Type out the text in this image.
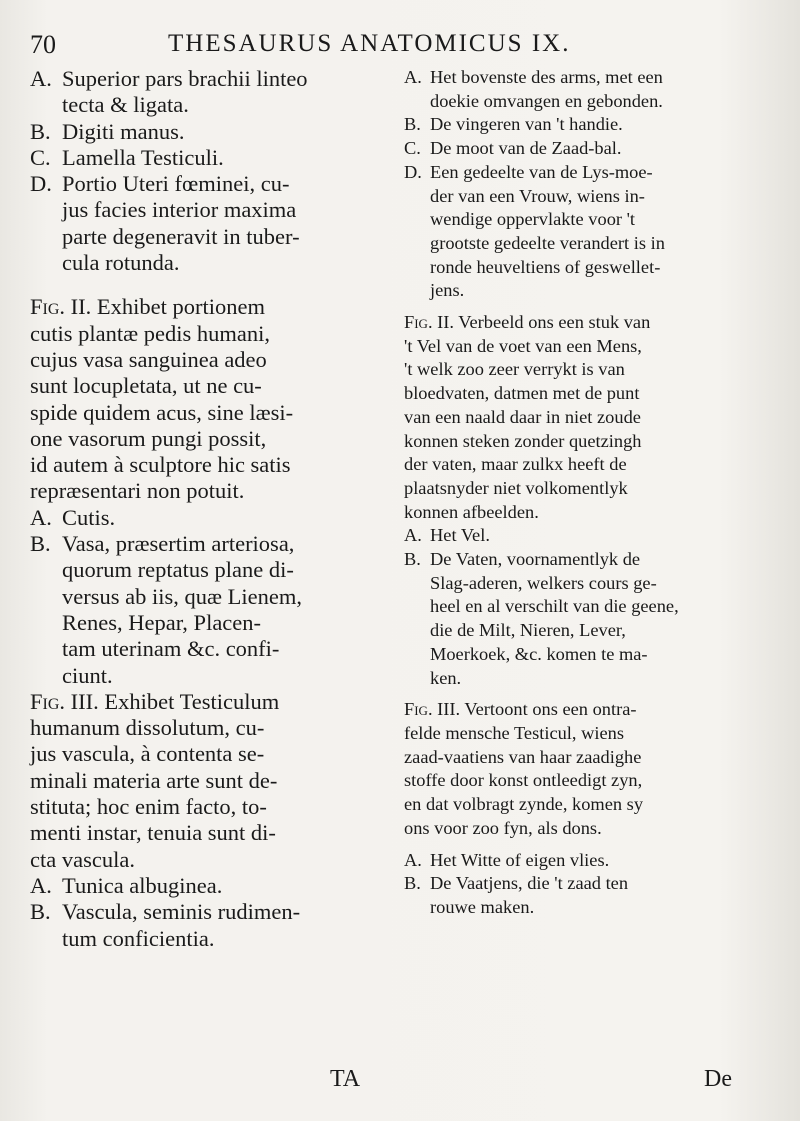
70	THESAURUS ANATOMICUS IX.
A. Superior pars brachii linteo
tecta & ligata.
B. Digiti manus.
C. Lamella Testiculi.
D. Portio Uteri fœminei, cu-
jus facies interior maxima
parte degeneravit in tuber-
cula rotunda.
Fig. II. Exhibet portionem
cutis plantæ pedis humani,
cujus vasa sanguinea adeo
sunt locupletata, ut ne cu-
spide quidem acus, sine læsi-
one vasorum pungi possit,
id autem à sculptore hic satis
repræsentari non potuit.
A. Cutis.
B. Vasa, præsertim arteriosa,
quorum reptatus plane di-
versus ab iis, quæ Lienem,
Renes, Hepar, Placen-
tam uterinam &c. confi-
ciunt.
Fig. III. Exhibet Testiculum
humanum dissolutum, cu-
jus vascula, à contenta se-
minali materia arte sunt de-
stituta; hoc enim facto, to-
menti instar, tenuia sunt di-
cta vascula.
A. Tunica albuginea.
B. Vascula, seminis rudimen-
tum conficientia.
A. Het bovenste des arms, met een
doekie omvangen en gebonden.
B. De vingeren van 't handie.
C. De moot van de Zaad-bal.
D. Een gedeelte van de Lys-moe-
der van een Vrouw, wiens in-
wendige oppervlakte voor 't
grootste gedeelte verandert is in
ronde heuveltiens of geswellet-
jens.
Fig. II. Verbeeld ons een stuk van
't Vel van de voet van een Mens,
't welk zoo zeer verrykt is van
bloedvaten, datmen met de punt
van een naald daar in niet zoude
konnen steken zonder quetzingh
der vaten, maar zulkx heeft de
plaatsnyder niet volkomentlyk
konnen afbeelden.
A. Het Vel.
B. De Vaten, voornamentlyk de
Slag-aderen, welkers cours ge-
heel en al verschilt van die geene,
die de Milt, Nieren, Lever,
Moerkoek, &c. komen te ma-
ken.
Fig. III. Vertoont ons een ontra-
felde mensche Testicul, wiens
zaad-vaatiens van haar zaadighe
stoffe door konst ontleedigt zyn,
en dat volbragt zynde, komen sy
ons voor zoo fyn, als dons.
A. Het Witte of eigen vlies.
B. De Vaatjens, die 't zaad ten
rouwe maken.
TA	De
